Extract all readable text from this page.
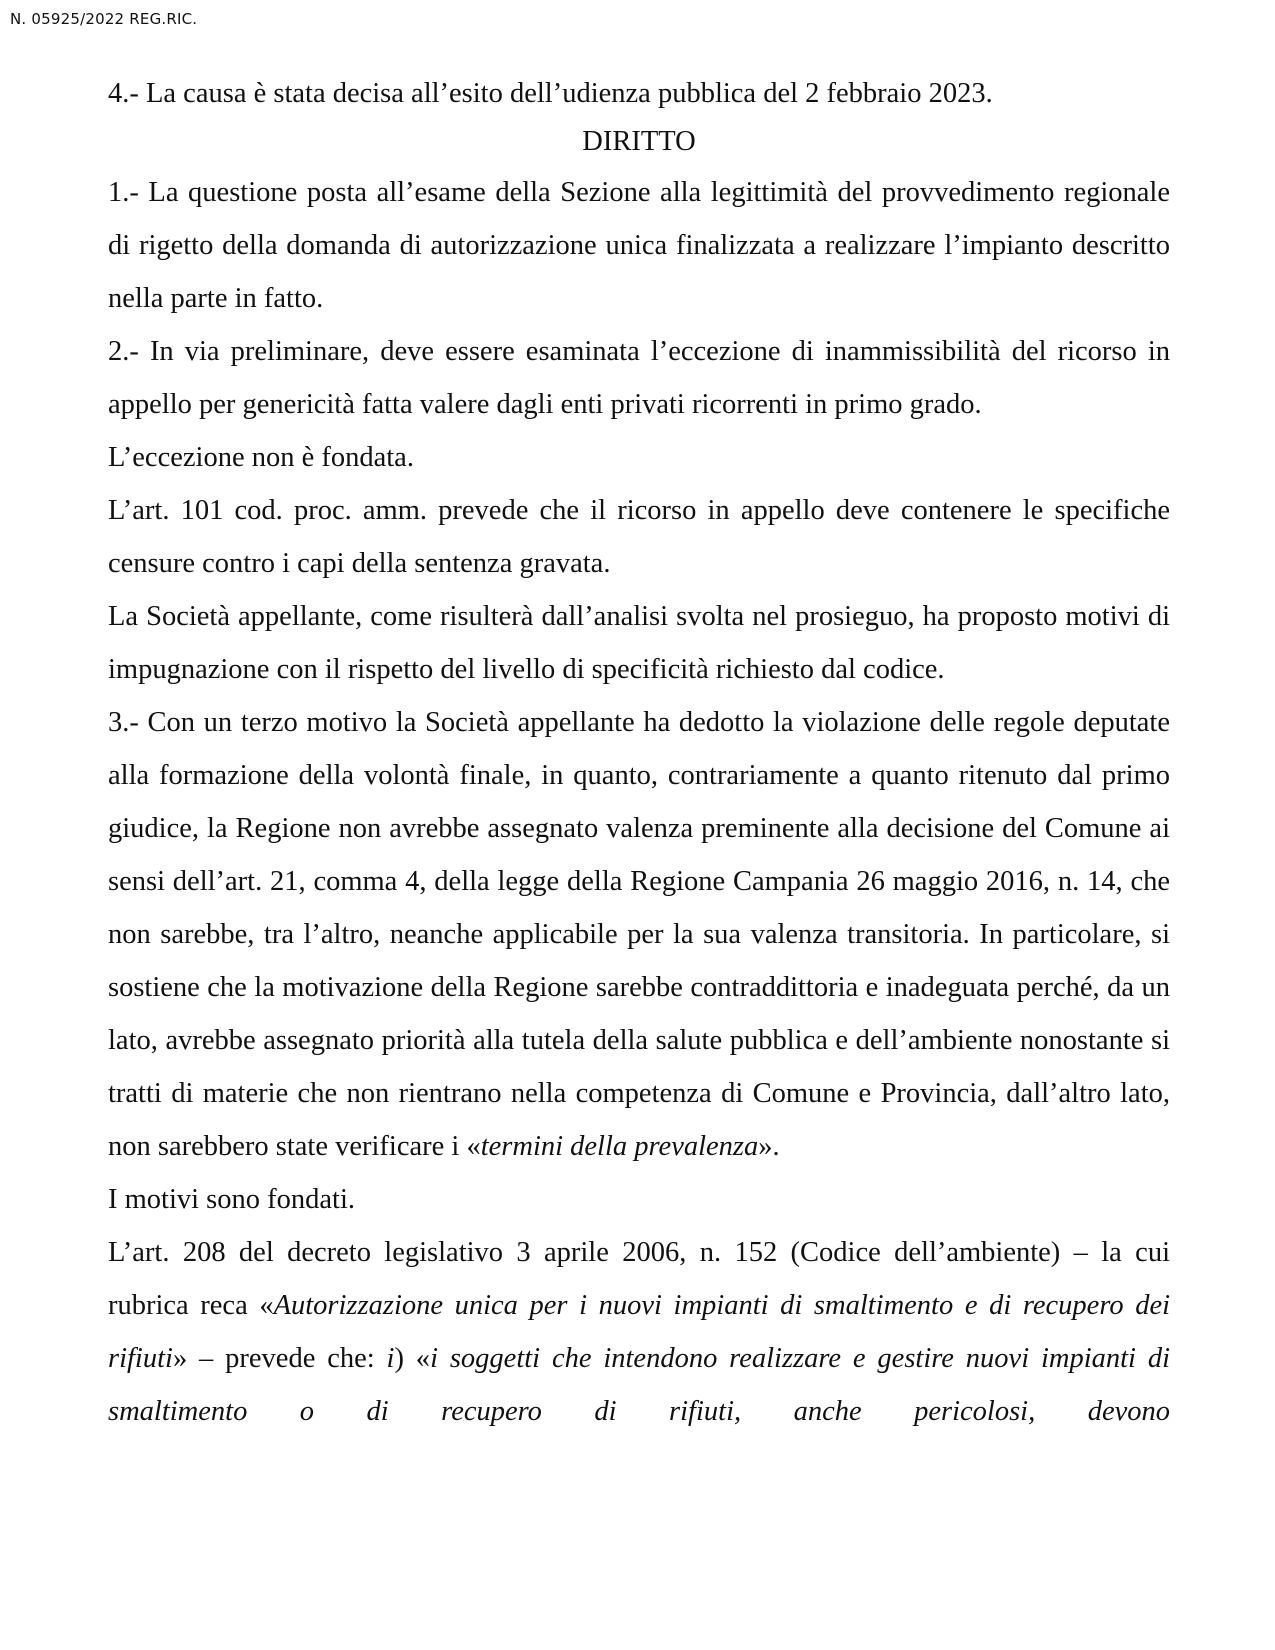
N. 05925/2022 REG.RIC.

4.- La causa è stata decisa all’esito dell’udienza pubblica del 2 febbraio 2023.

DIRITTO

1.- La questione posta all’esame della Sezione alla legittimità del provvedimento regionale di rigetto della domanda di autorizzazione unica finalizzata a realizzare l’impianto descritto nella parte in fatto.

2.- In via preliminare, deve essere esaminata l’eccezione di inammissibilità del ricorso in appello per genericità fatta valere dagli enti privati ricorrenti in primo grado.

L’eccezione non è fondata.

L’art. 101 cod. proc. amm. prevede che il ricorso in appello deve contenere le specifiche censure contro i capi della sentenza gravata.

La Società appellante, come risulterà dall’analisi svolta nel prosieguo, ha proposto motivi di impugnazione con il rispetto del livello di specificità richiesto dal codice.

3.- Con un terzo motivo la Società appellante ha dedotto la violazione delle regole deputate alla formazione della volontà finale, in quanto, contrariamente a quanto ritenuto dal primo giudice, la Regione non avrebbe assegnato valenza preminente alla decisione del Comune ai sensi dell’art. 21, comma 4, della legge della Regione Campania 26 maggio 2016, n. 14, che non sarebbe, tra l’altro, neanche applicabile per la sua valenza transitoria. In particolare, si sostiene che la motivazione della Regione sarebbe contraddittoria e inadeguata perché, da un lato, avrebbe assegnato priorità alla tutela della salute pubblica e dell’ambiente nonostante si tratti di materie che non rientrano nella competenza di Comune e Provincia, dall’altro lato, non sarebbero state verificare i «termini della prevalenza».

I motivi sono fondati.

L’art. 208 del decreto legislativo 3 aprile 2006, n. 152 (Codice dell’ambiente) – la cui rubrica reca «Autorizzazione unica per i nuovi impianti di smaltimento e di recupero dei rifiuti» – prevede che: i) «i soggetti che intendono realizzare e gestire nuovi impianti di smaltimento o di recupero di rifiuti, anche pericolosi, devono
